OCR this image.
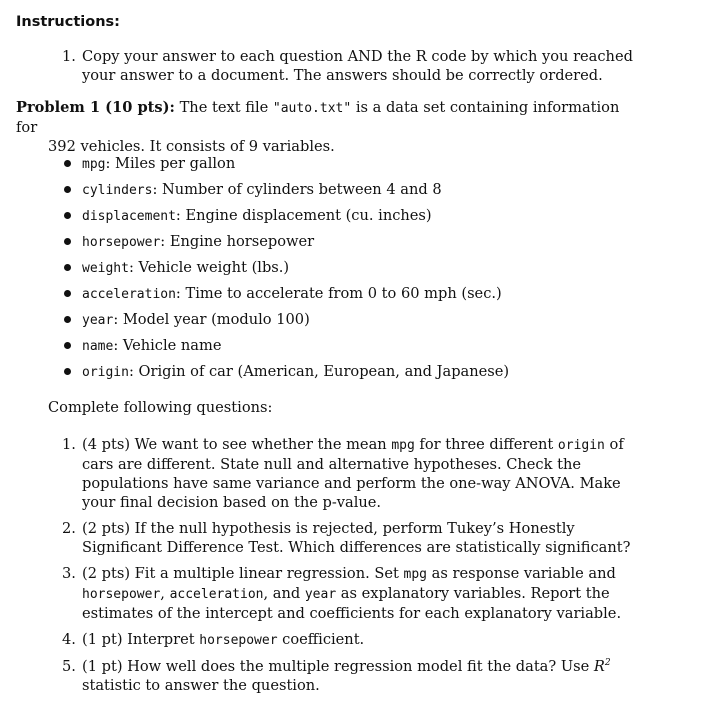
Instructions:
1. Copy your answer to each question AND the R code by which you reached your answer to a document. The answers should be correctly ordered.
Problem 1 (10 pts): The text file "auto.txt" is a data set containing information for
392 vehicles. It consists of 9 variables.
mpg: Miles per gallon
cylinders: Number of cylinders between 4 and 8
displacement: Engine displacement (cu. inches)
horsepower: Engine horsepower
weight: Vehicle weight (lbs.)
acceleration: Time to accelerate from 0 to 60 mph (sec.)
year: Model year (modulo 100)
name: Vehicle name
origin: Origin of car (American, European, and Japanese)
Complete following questions:
1. (4 pts) We want to see whether the mean mpg for three different origin of cars are different. State null and alternative hypotheses. Check the populations have same variance and perform the one-way ANOVA. Make your final decision based on the p-value.
2. (2 pts) If the null hypothesis is rejected, perform Tukey’s Honestly Significant Difference Test. Which differences are statistically significant?
3. (2 pts) Fit a multiple linear regression. Set mpg as response variable and horsepower, acceleration, and year as explanatory variables. Report the estimates of the intercept and coefficients for each explanatory variable.
4. (1 pt) Interpret horsepower coefficient.
5. (1 pt) How well does the multiple regression model fit the data? Use $R^2$ statistic to answer the question.
